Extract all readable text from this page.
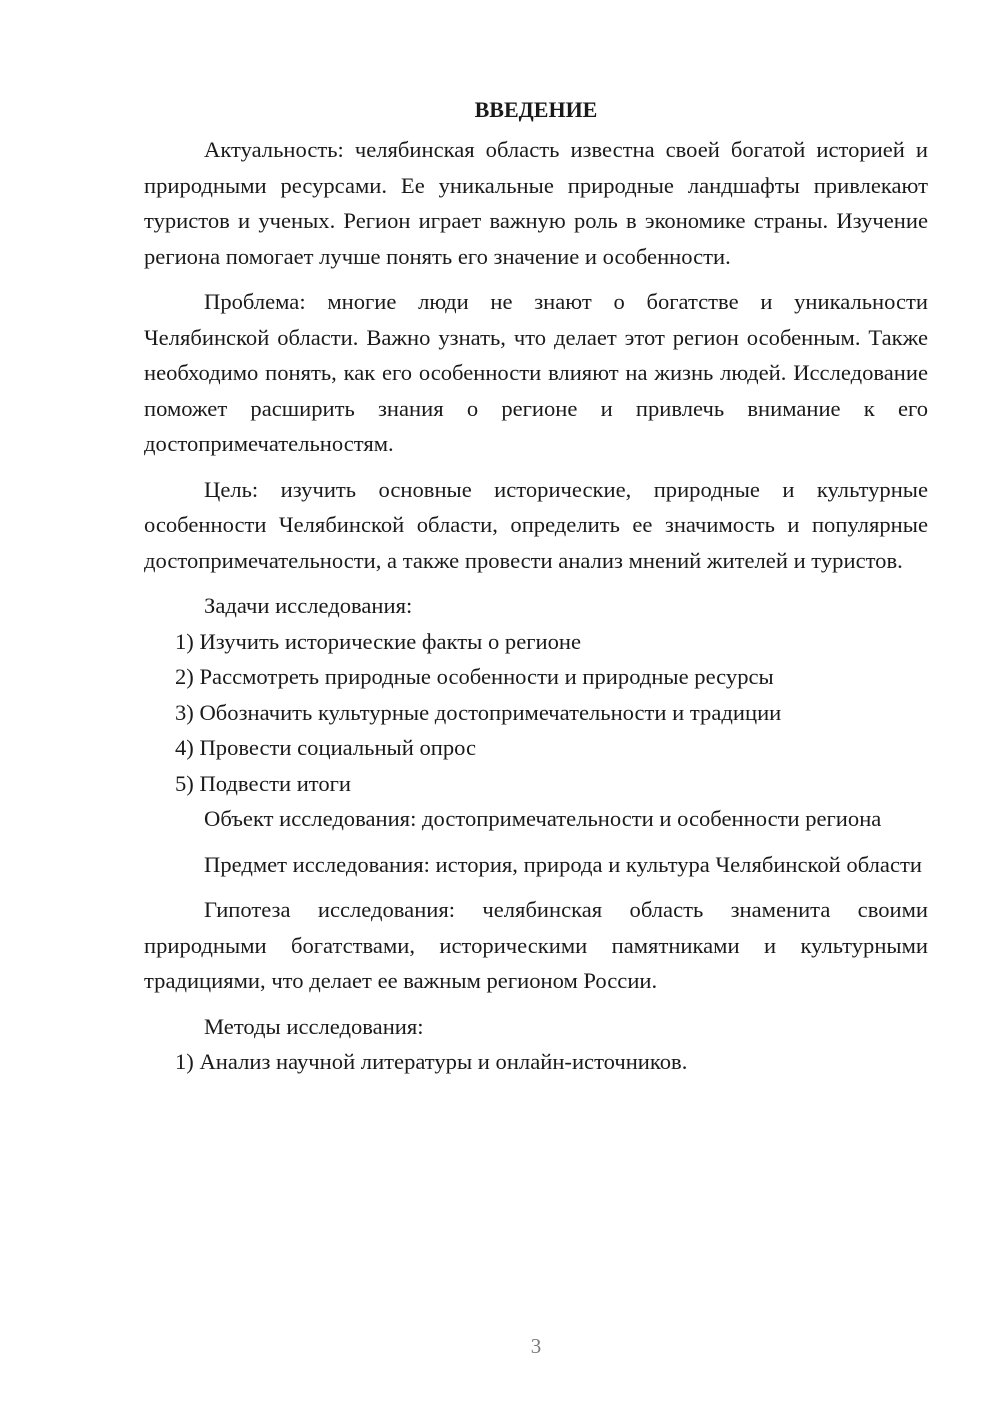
ВВЕДЕНИЕ

Актуальность: челябинская область известна своей богатой историей и природными ресурсами. Ее уникальные природные ландшафты привлекают туристов и ученых. Регион играет важную роль в экономике страны. Изучение региона помогает лучше понять его значение и особенности.

Проблема: многие люди не знают о богатстве и уникальности Челябинской области. Важно узнать, что делает этот регион особенным. Также необходимо понять, как его особенности влияют на жизнь людей. Исследование поможет расширить знания о регионе и привлечь внимание к его достопримечательностям.

Цель: изучить основные исторические, природные и культурные особенности Челябинской области, определить ее значимость и популярные достопримечательности, а также провести анализ мнений жителей и туристов.

Задачи исследования:

1) Изучить исторические факты о регионе

2) Рассмотреть природные особенности и природные ресурсы

3) Обозначить культурные достопримечательности и традиции

4) Провести социальный опрос

5) Подвести итоги

Объект исследования: достопримечательности и особенности региона

Предмет исследования: история, природа и культура Челябинской области

Гипотеза исследования: челябинская область знаменита своими природными богатствами, историческими памятниками и культурными традициями, что делает ее важным регионом России.

Методы исследования:

1) Анализ научной литературы и онлайн-источников.

3
